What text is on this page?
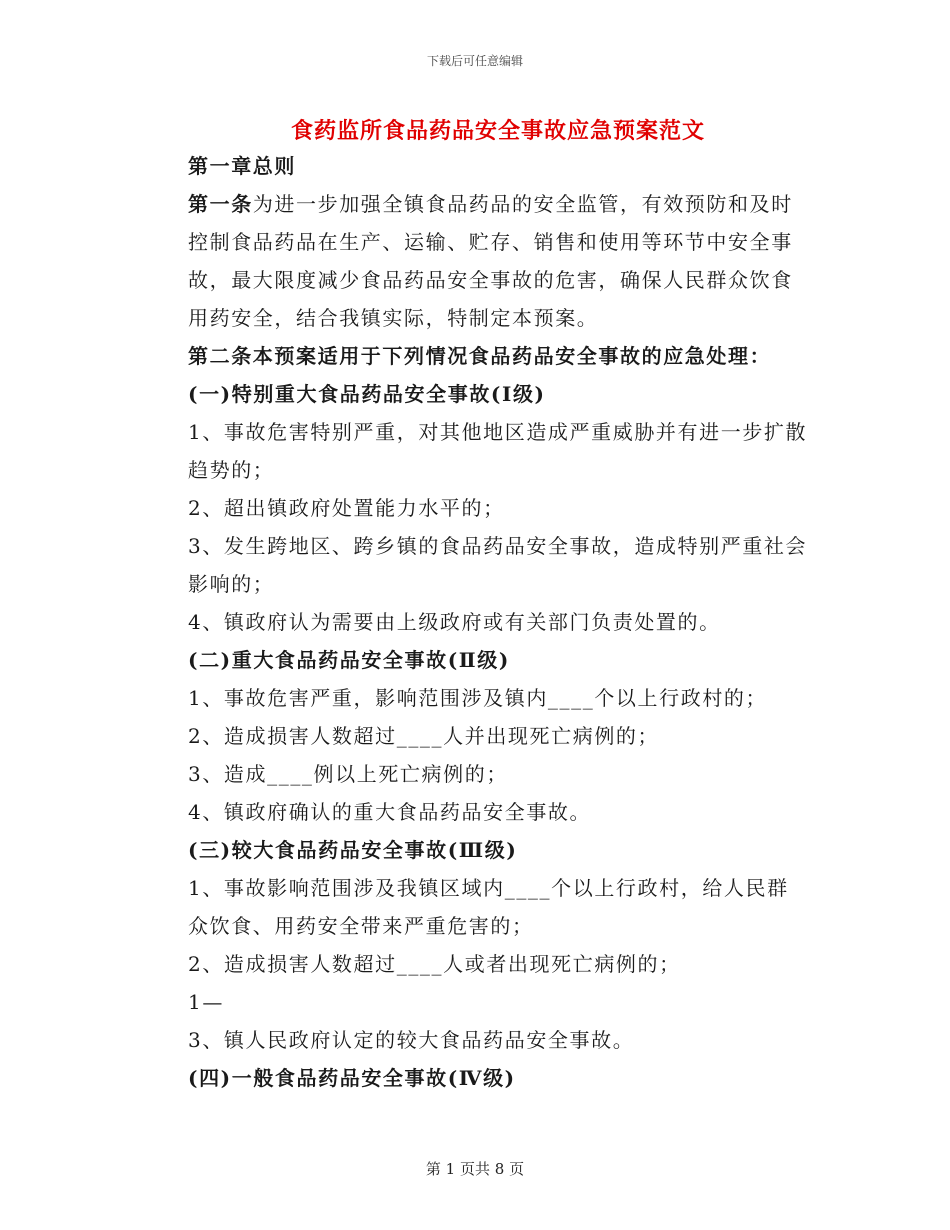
下载后可任意编辑
食药监所食品药品安全事故应急预案范文

第一章总则

第一条为进一步加强全镇食品药品的安全监管，有效预防和及时控制食品药品在生产、运输、贮存、销售和使用等环节中安全事故，最大限度减少食品药品安全事故的危害，确保人民群众饮食用药安全，结合我镇实际，特制定本预案。

第二条本预案适用于下列情况食品药品安全事故的应急处理：

(一)特别重大食品药品安全事故(Ⅰ级)

1、事故危害特别严重，对其他地区造成严重威胁并有进一步扩散趋势的；

2、超出镇政府处置能力水平的；

3、发生跨地区、跨乡镇的食品药品安全事故，造成特别严重社会影响的；

4、镇政府认为需要由上级政府或有关部门负责处置的。

(二)重大食品药品安全事故(Ⅱ级)

1、事故危害严重，影响范围涉及镇内____个以上行政村的；

2、造成损害人数超过____人并出现死亡病例的；

3、造成____例以上死亡病例的；

4、镇政府确认的重大食品药品安全事故。

(三)较大食品药品安全事故(Ⅲ级)

1、事故影响范围涉及我镇区域内____个以上行政村，给人民群众饮食、用药安全带来严重危害的；

2、造成损害人数超过____人或者出现死亡病例的；

1—

3、镇人民政府认定的较大食品药品安全事故。

(四)一般食品药品安全事故(Ⅳ级)

第 1 页共 8 页
